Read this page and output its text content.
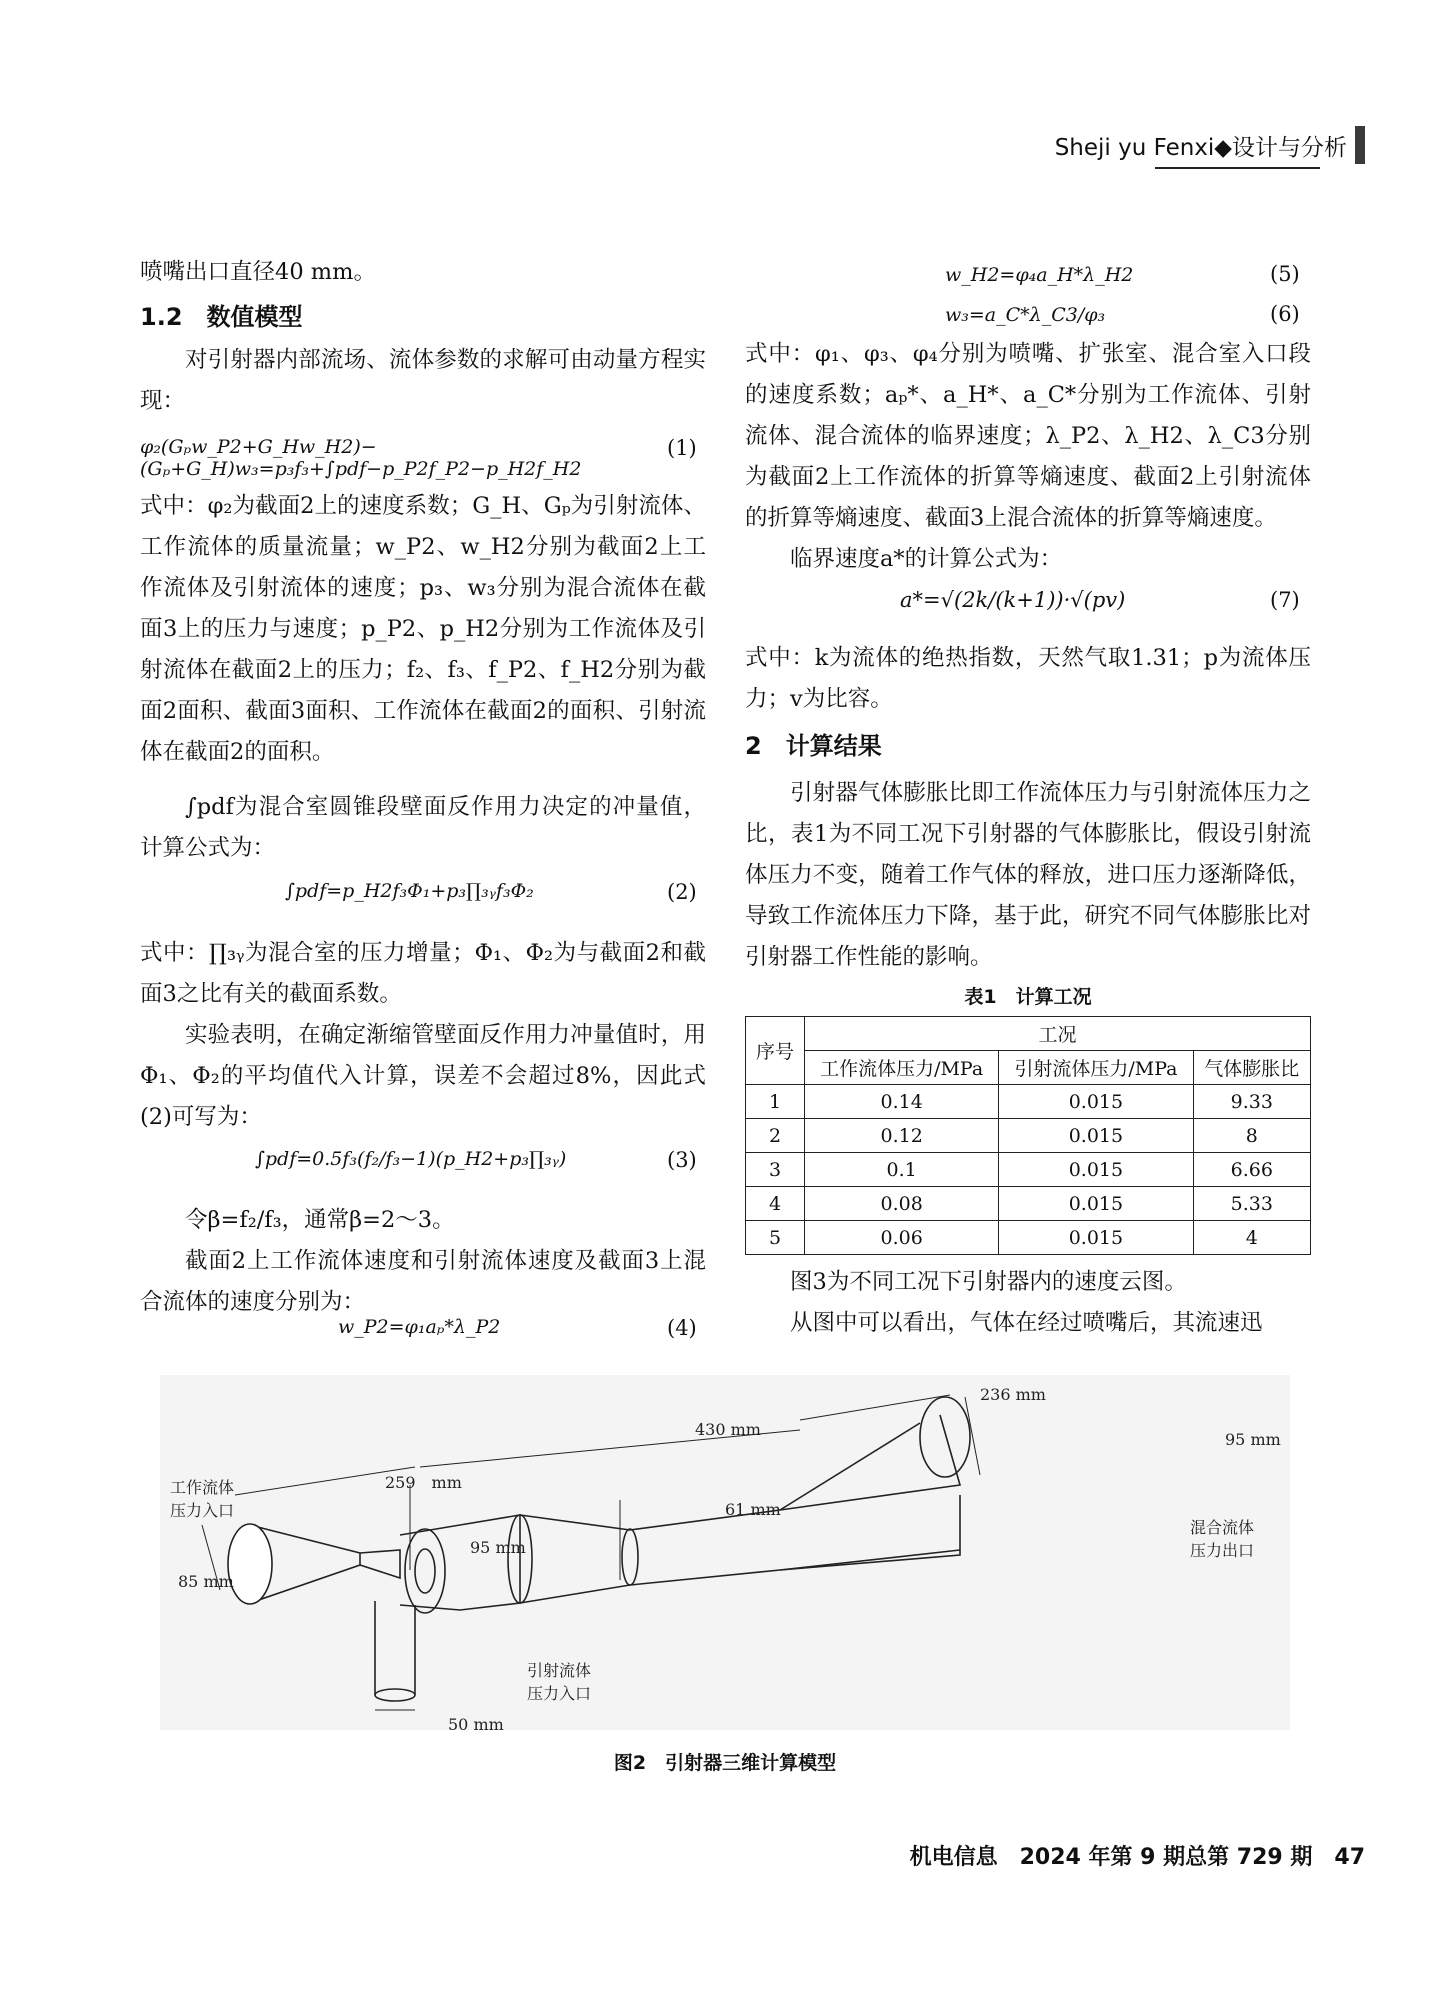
Sheji yu Fenxi◆设计与分析

喷嘴出口直径40 mm。

1.2　数值模型

对引射器内部流场、流体参数的求解可由动量方程实现：

式中：φ₂为截面2上的速度系数；G_H、Gₚ为引射流体、工作流体的质量流量；w_P2、w_H2分别为截面2上工作流体及引射流体的速度；p₃、w₃分别为混合流体在截面3上的压力与速度；p_P2、p_H2分别为工作流体及引射流体在截面2上的压力；f₂、f₃、f_P2、f_H2分别为截面2面积、截面3面积、工作流体在截面2的面积、引射流体在截面2的面积。

∫pdf为混合室圆锥段壁面反作用力决定的冲量值，计算公式为：

式中：∏₃ᵧ为混合室的压力增量；Φ₁、Φ₂为与截面2和截面3之比有关的截面系数。

实验表明，在确定渐缩管壁面反作用力冲量值时，用Φ₁、Φ₂的平均值代入计算，误差不会超过8%，因此式(2)可写为：

令β=f₂/f₃，通常β=2～3。

截面2上工作流体速度和引射流体速度及截面3上混合流体的速度分别为：

φ₂(Gₚw_P2+G_Hw_H2)−(Gₚ+G_H)w₃=p₃f₃+∫pdf−p_P2f_P2−p_H2f_H2
(1)
∫pdf=p_H2f₃Φ₁+p₃∏₃ᵧf₃Φ₂	(2)
∫pdf=0.5f₃(f₂/f₃−1)(p_H2+p₃∏₃ᵧ)	(3)
w_P2=φ₁aₚ*λ_P2	(4)
w_H2=φ₄a_H*λ_H2	(5)
w₃=a_C*λ_C3/φ₃	(6)

式中：φ₁、φ₃、φ₄分别为喷嘴、扩张室、混合室入口段的速度系数；aₚ*、a_H*、a_C*分别为工作流体、引射流体、混合流体的临界速度；λ_P2、λ_H2、λ_C3分别为截面2上工作流体的折算等熵速度、截面2上引射流体的折算等熵速度、截面3上混合流体的折算等熵速度。

临界速度a*的计算公式为：

a*=√(2k/(k+1))·√(pv)	(7)

式中：k为流体的绝热指数，天然气取1.31；p为流体压力；v为比容。

2　计算结果

引射器气体膨胀比即工作流体压力与引射流体压力之比，表1为不同工况下引射器的气体膨胀比，假设引射流体压力不变，随着工作气体的释放，进口压力逐渐降低，导致工作流体压力下降，基于此，研究不同气体膨胀比对引射器工作性能的影响。

表1　计算工况
序号	工况		
	工作流体压力/MPa	引射流体压力/MPa	气体膨胀比
1	0.14	0.015	9.33
2	0.12	0.015	8
3	0.1	0.015	6.66
4	0.08	0.015	5.33
5	0.06	0.015	4

图3为不同工况下引射器内的速度云图。

从图中可以看出，气体在经过喷嘴后，其流速迅

工作流体
压力入口
85 mm
259　mm
95 mm
430 mm
61 mm
236 mm
95 mm
混合流体
压力出口
引射流体
压力入口
50 mm
图2　引射器三维计算模型
机电信息　2024 年第 9 期总第 729 期　47
